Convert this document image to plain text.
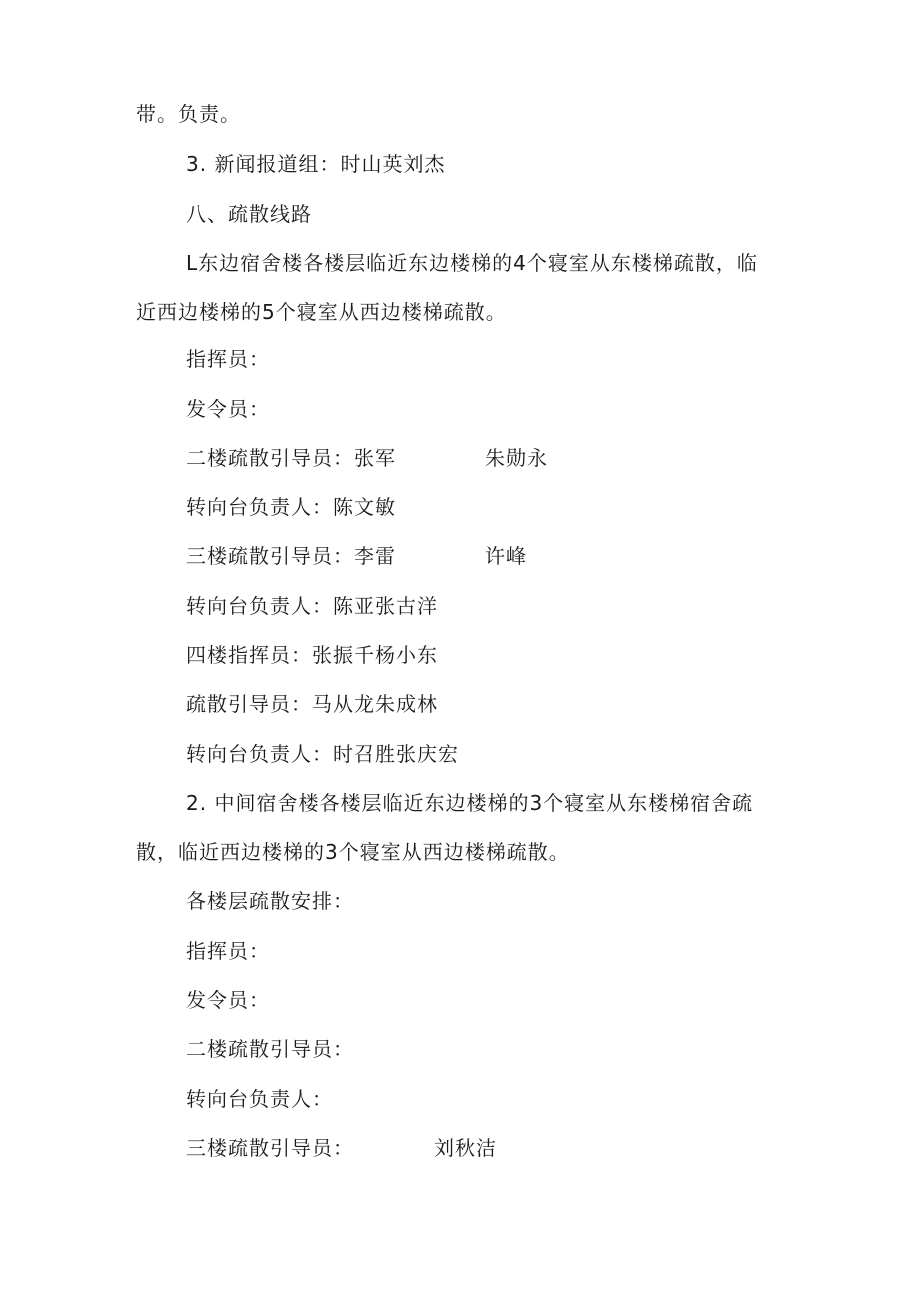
带。负责。
3. 新闻报道组：时山英刘杰
八、疏散线路
L东边宿舍楼各楼层临近东边楼梯的4个寝室从东楼梯疏散，临
近西边楼梯的5个寝室从西边楼梯疏散。
指挥员：
发令员：
二楼疏散引导员：张军	朱勋永
转向台负责人：陈文敏
三楼疏散引导员：李雷	许峰
转向台负责人：陈亚张古洋
四楼指挥员：张振千杨小东
疏散引导员：马从龙朱成林
转向台负责人：时召胜张庆宏
2. 中间宿舍楼各楼层临近东边楼梯的3个寝室从东楼梯宿舍疏
散，临近西边楼梯的3个寝室从西边楼梯疏散。
各楼层疏散安排：
指挥员：
发令员：
二楼疏散引导员：
转向台负责人：
三楼疏散引导员：	刘秋洁
